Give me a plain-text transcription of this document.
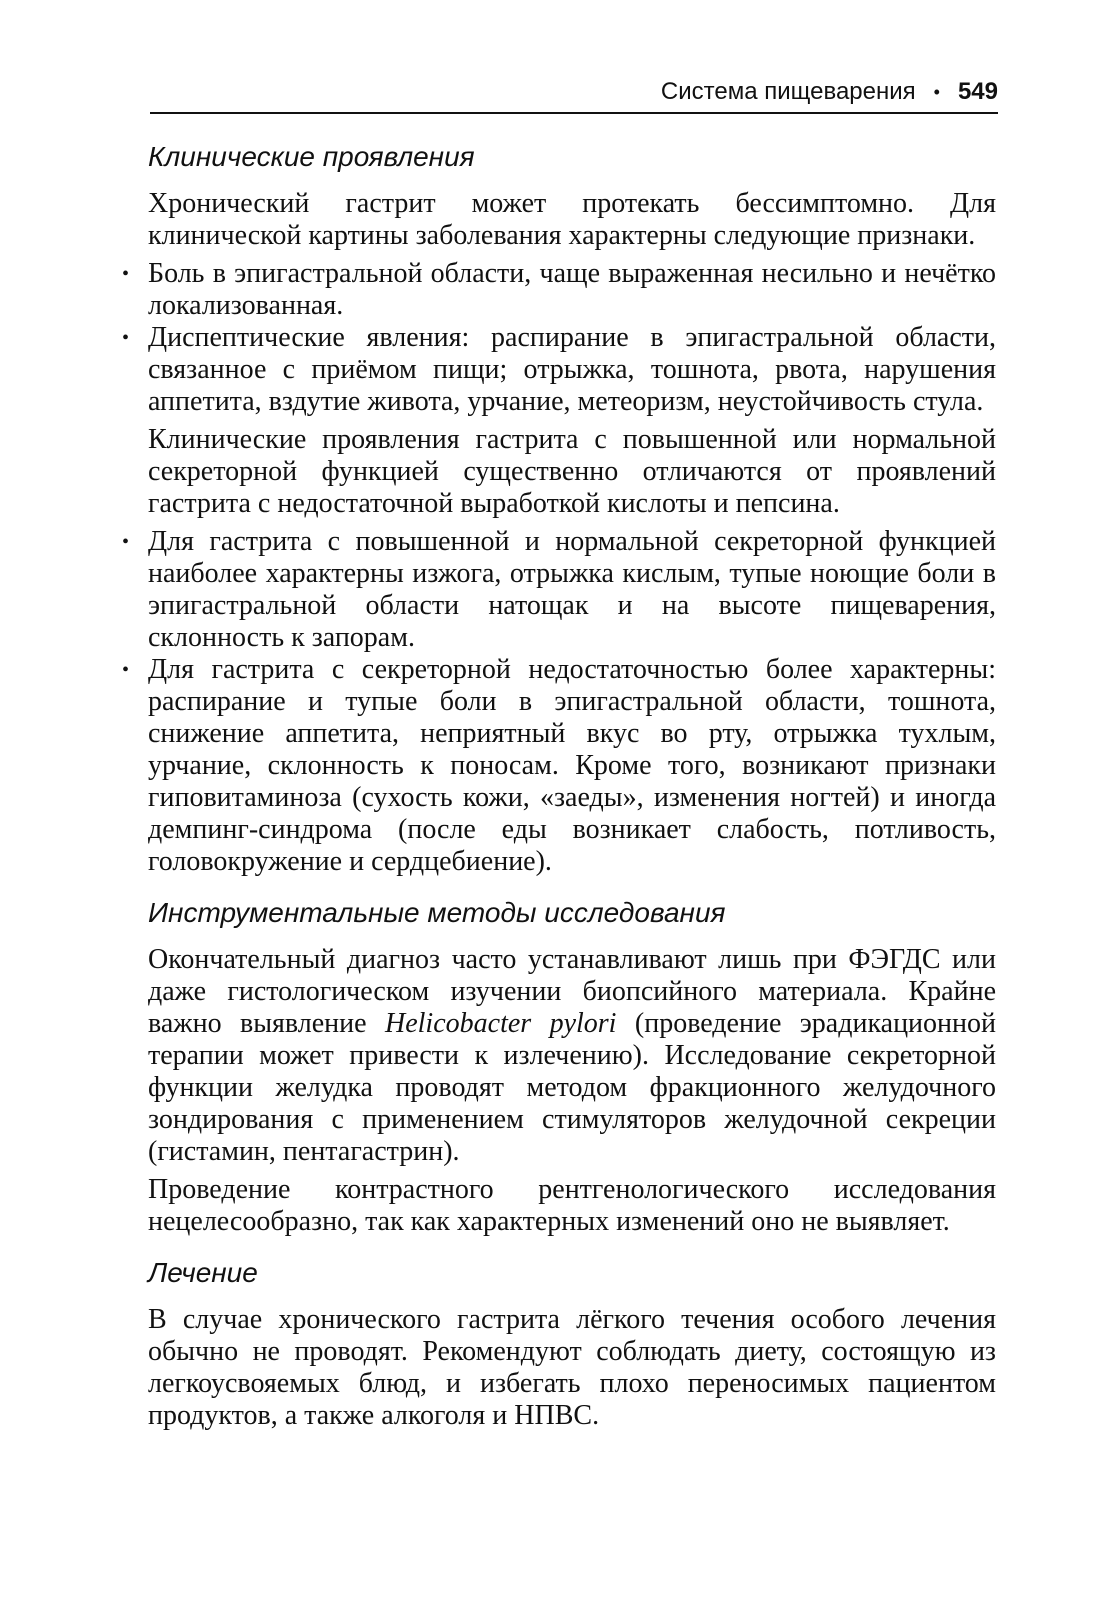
Система пищеварения • 549
Клинические проявления

Хронический гастрит может протекать бессимптомно. Для клинической картины заболевания характерны следующие признаки.

• Боль в эпигастральной области, чаще выраженная несильно и нечётко локализованная.
• Диспептические явления: распирание в эпигастральной области, связанное с приёмом пищи; отрыжка, тошнота, рвота, нарушения аппетита, вздутие живота, урчание, метеоризм, неустойчивость стула.

Клинические проявления гастрита с повышенной или нормальной секреторной функцией существенно отличаются от проявлений гастрита с недостаточной выработкой кислоты и пепсина.

• Для гастрита с повышенной и нормальной секреторной функцией наиболее характерны изжога, отрыжка кислым, тупые ноющие боли в эпигастральной области натощак и на высоте пищеварения, склонность к запорам.
• Для гастрита с секреторной недостаточностью более характерны: распирание и тупые боли в эпигастральной области, тошнота, снижение аппетита, неприятный вкус во рту, отрыжка тухлым, урчание, склонность к поносам. Кроме того, возникают признаки гиповитаминоза (сухость кожи, «заеды», изменения ногтей) и иногда демпинг-синдрома (после еды возникает слабость, потливость, головокружение и сердцебиение).
Инструментальные методы исследования

Окончательный диагноз часто устанавливают лишь при ФЭГДС или даже гистологическом изучении биопсийного материала. Крайне важно выявление Helicobacter pylori (проведение эрадикационной терапии может привести к излечению). Исследование секреторной функции желудка проводят методом фракционного желудочного зондирования с применением стимуляторов желудочной секреции (гистамин, пентагастрин).

Проведение контрастного рентгенологического исследования нецелесообразно, так как характерных изменений оно не выявляет.

Лечение

В случае хронического гастрита лёгкого течения особого лечения обычно не проводят. Рекомендуют соблюдать диету, состоящую из легкоусвояемых блюд, и избегать плохо переносимых пациентом продуктов, а также алкоголя и НПВС.
